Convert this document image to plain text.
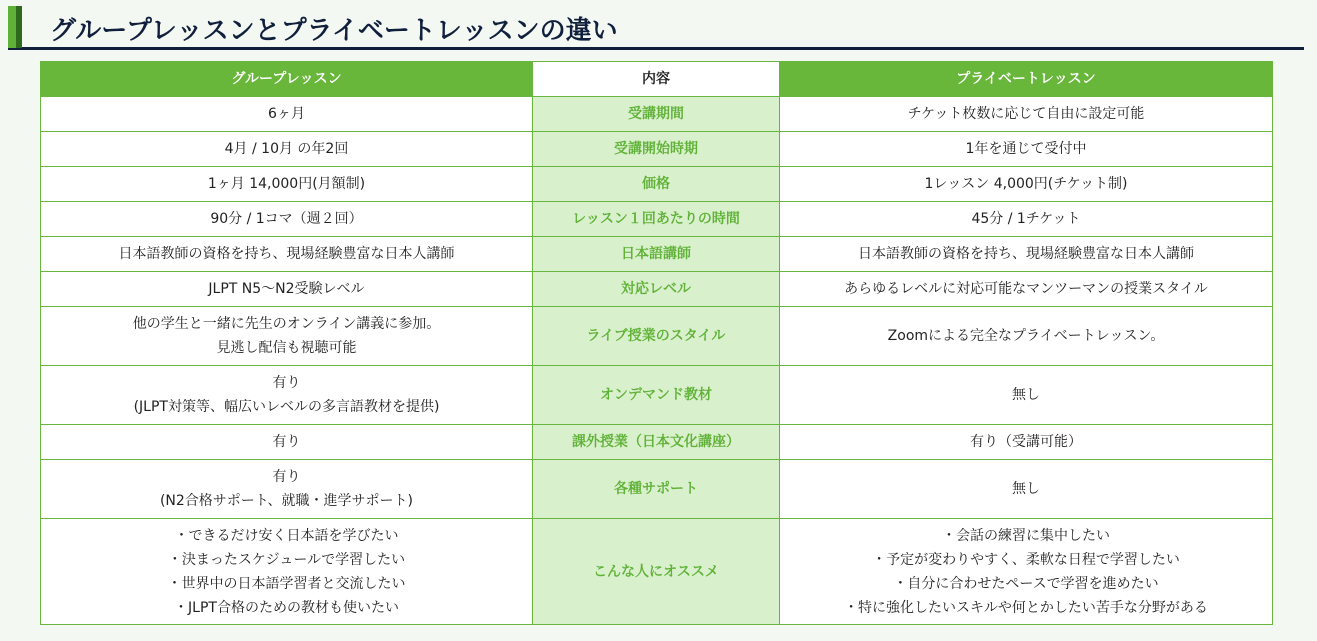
グループレッスンとプライベートレッスンの違い
グループレッスン	内容	プライベートレッスン

6ヶ月	受講期間	チケット枚数に応じて自由に設定可能

4月 / 10月 の年2回	受講開始時期	1年を通じて受付中

1ヶ月 14,000円(月額制)	価格	1レッスン 4,000円(チケット制)

90分 / 1コマ（週２回）	レッスン１回あたりの時間	45分 / 1チケット

日本語教師の資格を持ち、現場経験豊富な日本人講師	日本語講師	日本語教師の資格を持ち、現場経験豊富な日本人講師

JLPT N5〜N2受験レベル	対応レベル	あらゆるレベルに対応可能なマンツーマンの授業スタイル

他の学生と一緒に先生のオンライン講義に参加。
見逃し配信も視聴可能	ライブ授業のスタイル	Zoomによる完全なプライベートレッスン。

有り
(JLPT対策等、幅広いレベルの多言語教材を提供)	オンデマンド教材	無し

有り	課外授業（日本文化講座）	有り（受講可能）

有り
(N2合格サポート、就職・進学サポート)	各種サポート	無し

・できるだけ安く日本語を学びたい
・決まったスケジュールで学習したい
・世界中の日本語学習者と交流したい
・JLPT合格のための教材も使いたい	こんな人にオススメ	・会話の練習に集中したい
・予定が変わりやすく、柔軟な日程で学習したい
・自分に合わせたペースで学習を進めたい
・特に強化したいスキルや何とかしたい苦手な分野がある
